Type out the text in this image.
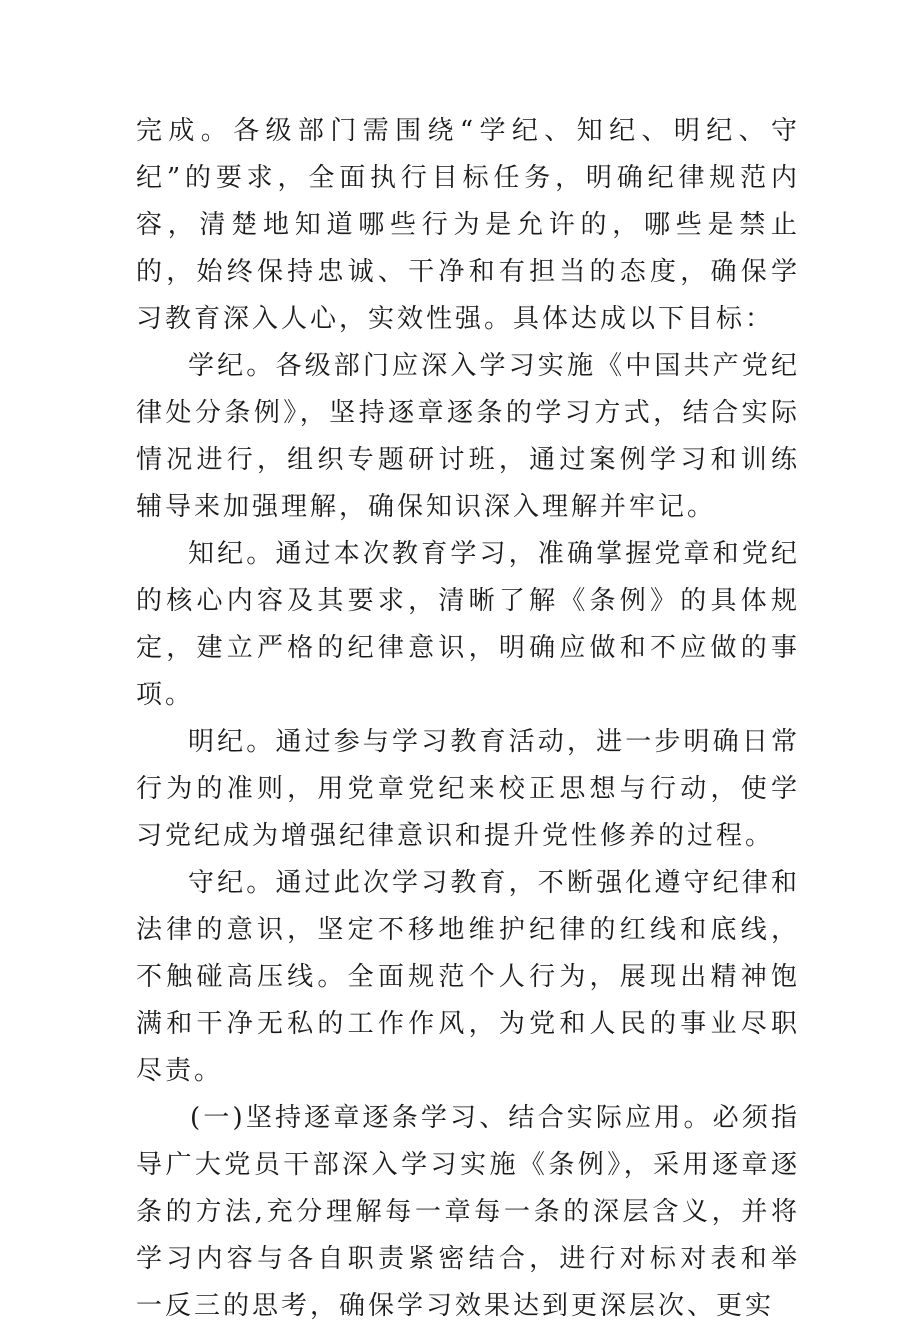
完成。各级部门需围绕“学纪、知纪、明纪、守纪”的要求，全面执行目标任务，明确纪律规范内容，清楚地知道哪些行为是允许的，哪些是禁止的，始终保持忠诚、干净和有担当的态度，确保学习教育深入人心，实效性强。具体达成以下目标：

学纪。各级部门应深入学习实施《中国共产党纪律处分条例》，坚持逐章逐条的学习方式，结合实际情况进行，组织专题研讨班，通过案例学习和训练辅导来加强理解，确保知识深入理解并牢记。

知纪。通过本次教育学习，准确掌握党章和党纪的核心内容及其要求，清晰了解《条例》的具体规定，建立严格的纪律意识，明确应做和不应做的事项。

明纪。通过参与学习教育活动，进一步明确日常行为的准则，用党章党纪来校正思想与行动，使学习党纪成为增强纪律意识和提升党性修养的过程。

守纪。通过此次学习教育，不断强化遵守纪律和法律的意识，坚定不移地维护纪律的红线和底线，不触碰高压线。全面规范个人行为，展现出精神饱满和干净无私的工作作风，为党和人民的事业尽职尽责。

(一)坚持逐章逐条学习、结合实际应用。必须指导广大党员干部深入学习实施《条例》，采用逐章逐条的方法,充分理解每一章每一条的深层含义，并将学习内容与各自职责紧密结合，进行对标对表和举一反三的思考，确保学习效果达到更深层次、更实
